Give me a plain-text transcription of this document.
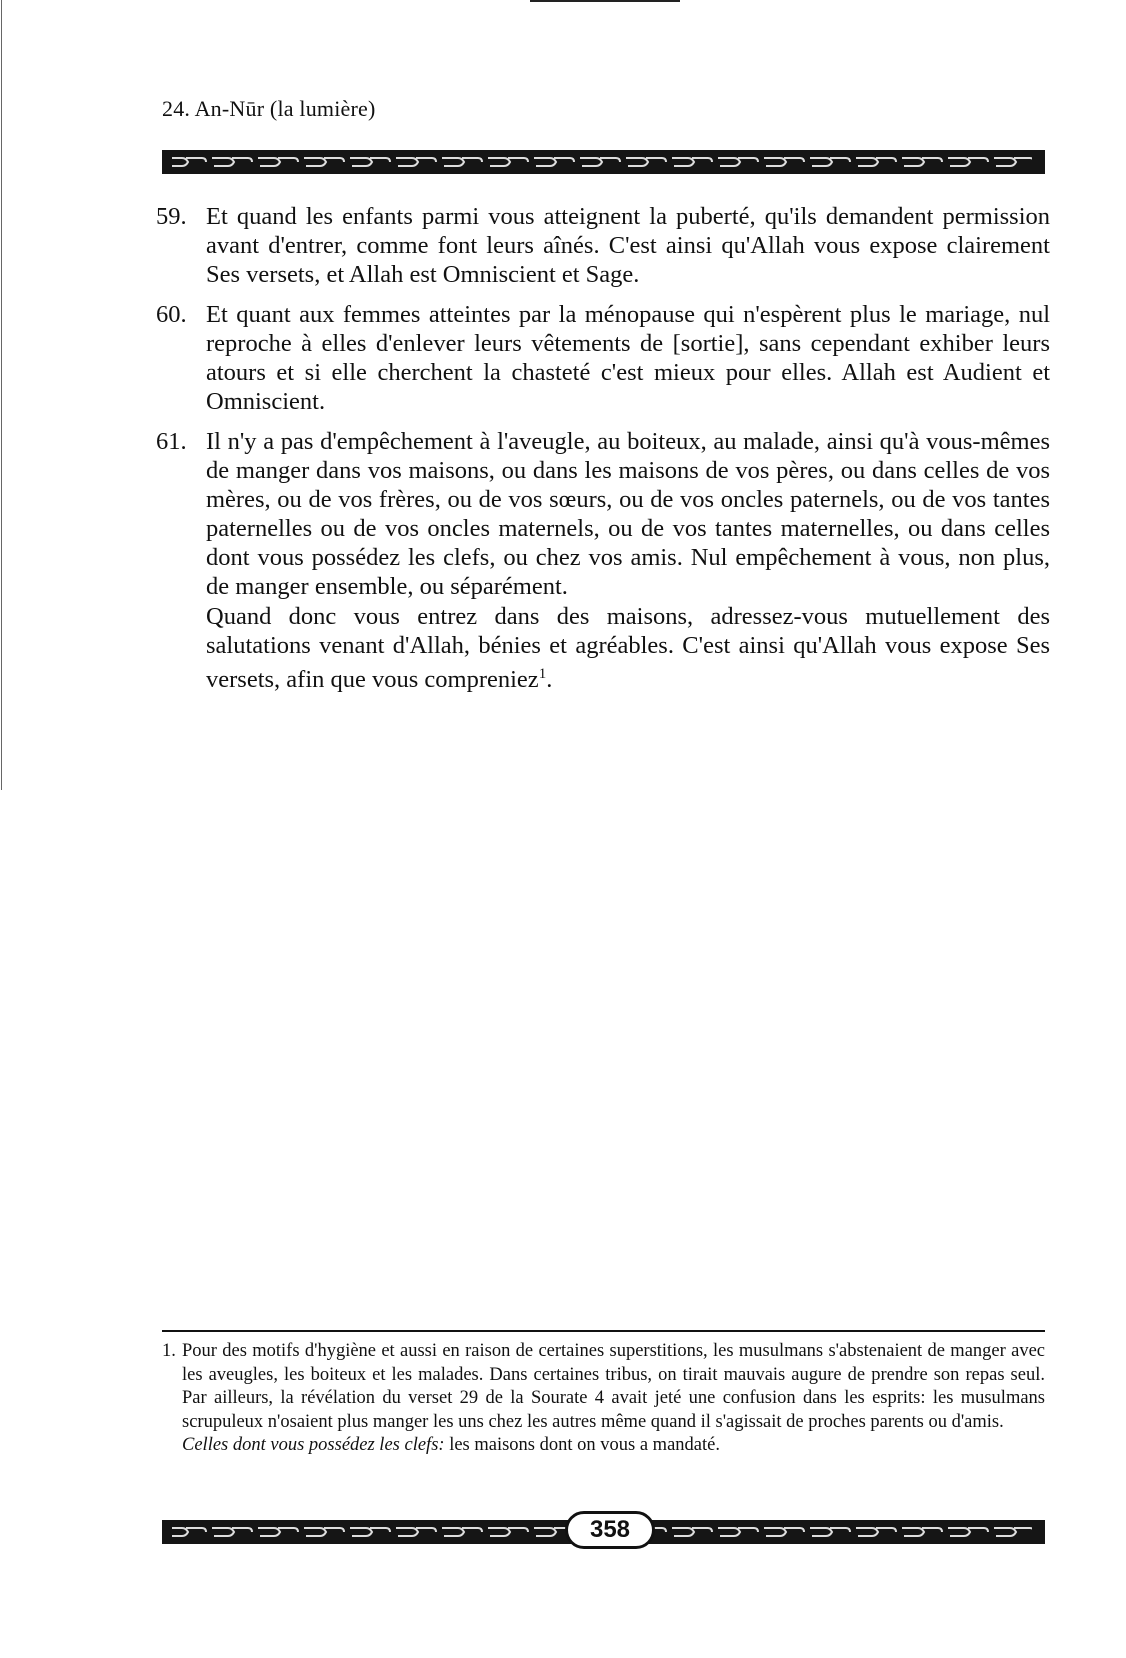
24. An-Nūr (la lumière)
59. Et quand les enfants parmi vous atteignent la puberté, qu'ils demandent permission avant d'entrer, comme font leurs aînés. C'est ainsi qu'Allah vous expose clairement Ses versets, et Allah est Omniscient et Sage.

60. Et quant aux femmes atteintes par la ménopause qui n'espèrent plus le mariage, nul reproche à elles d'enlever leurs vêtements de [sortie], sans cependant exhiber leurs atours et si elle cherchent la chasteté c'est mieux pour elles. Allah est Audient et Omniscient.

61. Il n'y a pas d'empêchement à l'aveugle, au boiteux, au malade, ainsi qu'à vous-mêmes de manger dans vos maisons, ou dans les maisons de vos pères, ou dans celles de vos mères, ou de vos frères, ou de vos sœurs, ou de vos oncles paternels, ou de vos tantes paternelles ou de vos oncles maternels, ou de vos tantes maternelles, ou dans celles dont vous possédez les clefs, ou chez vos amis. Nul empêchement à vous, non plus, de manger ensemble, ou séparément.

Quand donc vous entrez dans des maisons, adressez-vous mutuellement des salutations venant d'Allah, bénies et agréables. C'est ainsi qu'Allah vous expose Ses versets, afin que vous compreniez$^1$.

1. Pour des motifs d'hygiène et aussi en raison de certaines superstitions, les musulmans s'abstenaient de manger avec les aveugles, les boiteux et les malades. Dans certaines tribus, on tirait mauvais augure de prendre son repas seul. Par ailleurs, la révélation du verset 29 de la Sourate 4 avait jeté une confusion dans les esprits: les musulmans scrupuleux n'osaient plus manger les uns chez les autres même quand il s'agissait de proches parents ou d'amis.

Celles dont vous possédez les clefs: les maisons dont on vous a mandaté.

358
